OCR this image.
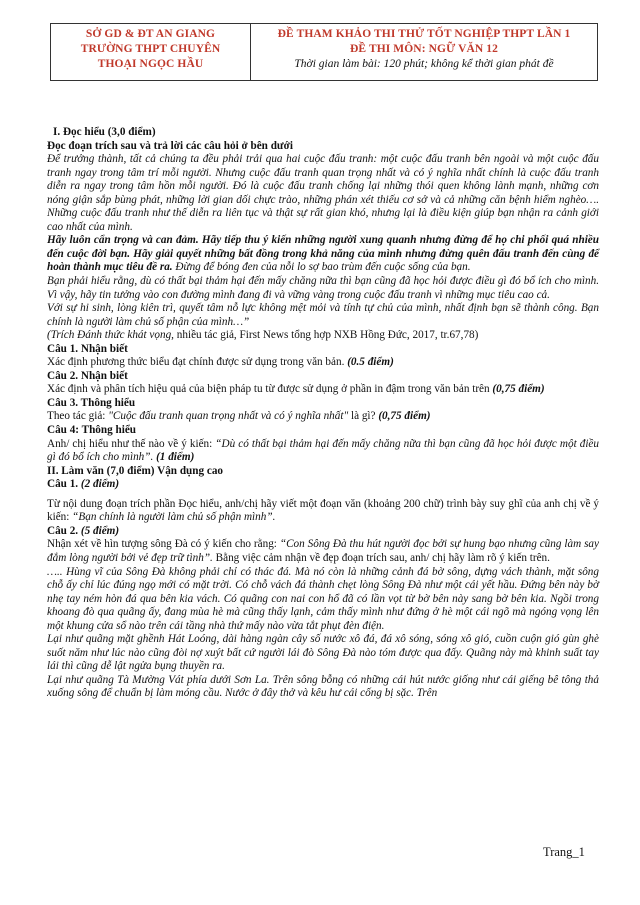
SỞ GD & ĐT AN GIANG
TRƯỜNG THPT CHUYÊN
THOẠI NGỌC HẦU
ĐỀ THAM KHẢO THI THỬ TỐT NGHIỆP THPT LẦN 1
ĐỀ THI MÔN: NGỮ VĂN 12
Thời gian làm bài: 120 phút; không kể thời gian phát đề

I. Đọc hiểu (3,0 điểm)

Đọc đoạn trích sau và trả lời các câu hỏi ở bên dưới

Để trưởng thành, tất cả chúng ta đều phải trải qua hai cuộc đấu tranh: một cuộc đấu tranh bên ngoài và một cuộc đấu tranh ngay trong tâm trí mỗi người. Nhưng cuộc đấu tranh quan trọng nhất và có ý nghĩa nhất chính là cuộc đấu tranh diễn ra ngay trong tâm hồn mỗi người. Đó là cuộc đấu tranh chống lại những thói quen không lành mạnh, những cơn nóng giận sắp bùng phát, những lời gian dối chực trào, những phán xét thiếu cơ sở và cả những căn bệnh hiểm nghèo…. Những cuộc đấu tranh như thế diễn ra liên tục và thật sự rất gian khó, nhưng lại là điều kiện giúp bạn nhận ra cảnh giới cao nhất của mình.

Hãy luôn cẩn trọng và can đảm. Hãy tiếp thu ý kiến những người xung quanh nhưng đừng để họ chi phối quá nhiều đến cuộc đời bạn. Hãy giải quyết những bất đồng trong khả năng của mình nhưng đừng quên đấu tranh đến cùng để hoàn thành mục tiêu đề ra. Đừng để bóng đen của nỗi lo sợ bao trùm đến cuộc sống của bạn.

Bạn phải hiểu rằng, dù có thất bại thảm hại đến mấy chăng nữa thì bạn cũng đã học hỏi được điều gì đó bổ ích cho mình. Vì vậy, hãy tin tưởng vào con đường mình đang đi và vững vàng trong cuộc đấu tranh vì những mục tiêu cao cả.

Với sự hi sinh, lòng kiên trì, quyết tâm nỗ lực không mệt mỏi và tính tự chủ của mình, nhất định bạn sẽ thành công. Bạn chính là người làm chủ số phận của mình…”

(Trích Đánh thức khát vọng, nhiều tác giả, First News tổng hợp NXB Hồng Đức, 2017, tr.67,78)

Câu 1. Nhận biết

Xác định phương thức biểu đạt chính được sử dụng trong văn bản. (0.5 điểm)

Câu 2. Nhận biết

Xác định và phân tích hiệu quả của biện pháp tu từ được sử dụng ở phần in đậm trong văn bản trên (0,75 điểm)

Câu 3. Thông hiểu

Theo tác giả: "Cuộc đấu tranh quan trọng nhất và có ý nghĩa nhất" là gì? (0,75 điểm)

Câu 4: Thông hiểu

Anh/ chị hiểu như thế nào về ý kiến: “Dù có thất bại thảm hại đến mấy chăng nữa thì bạn cũng đã học hỏi được một điều gì đó bổ ích cho mình”. (1 điểm)

II. Làm văn (7,0 điểm) Vận dụng cao

Câu 1. (2 điểm)

Từ nội dung đoạn trích phần Đọc hiểu, anh/chị hãy viết một đoạn văn (khoảng 200 chữ) trình bày suy ghĩ của anh chị về ý kiến: “Bạn chính là người làm chủ số phận mình”.

Câu 2. (5 điểm)

Nhận xét về hìn tượng sông Đà có ý kiến cho rằng: “Con Sông Đà thu hút người đọc bởi sự hung bạo nhưng cũng làm say đắm lòng người bởi vẻ đẹp trữ tình”. Bằng việc cảm nhận về đẹp đoạn trích sau, anh/ chị hãy làm rõ ý kiến trên.

….. Hùng vĩ của Sông Đà không phải chỉ có thác đá. Mà nó còn là những cảnh đá bờ sông, dựng vách thành, mặt sông chỗ ấy chỉ lúc đúng ngọ mới có mặt trời. Có chỗ vách đá thành chẹt lòng Sông Đà như một cái yết hầu. Đứng bên này bờ nhẹ tay ném hòn đá qua bên kia vách. Có quãng con nai con hổ đã có lần vọt từ bờ bên này sang bờ bên kia. Ngồi trong khoang đò qua quãng ấy, đang mùa hè mà cũng thấy lạnh, cảm thấy mình như đứng ở hè một cái ngõ mà ngóng vọng lên một khung cửa sổ nào trên cái tầng nhà thứ mấy nào vừa tắt phụt đèn điện.

Lại như quãng mặt ghềnh Hát Loóng, dài hàng ngàn cây số nước xô đá, đá xô sóng, sóng xô gió, cuồn cuộn gió gùn ghè suốt năm như lúc nào cũng đòi nợ xuýt bất cứ người lái đò Sông Đà nào tóm được qua đấy. Quãng này mà khinh suất tay lái thì cũng dễ lật ngửa bụng thuyền ra.

Lại như quãng Tà Mường Vát phía dưới Sơn La. Trên sông bỗng có những cái hút nước giống như cái giếng bê tông thả xuống sông để chuẩn bị làm móng cầu. Nước ở đây thở và kêu hư cái cống bị sặc. Trên

Trang_1
